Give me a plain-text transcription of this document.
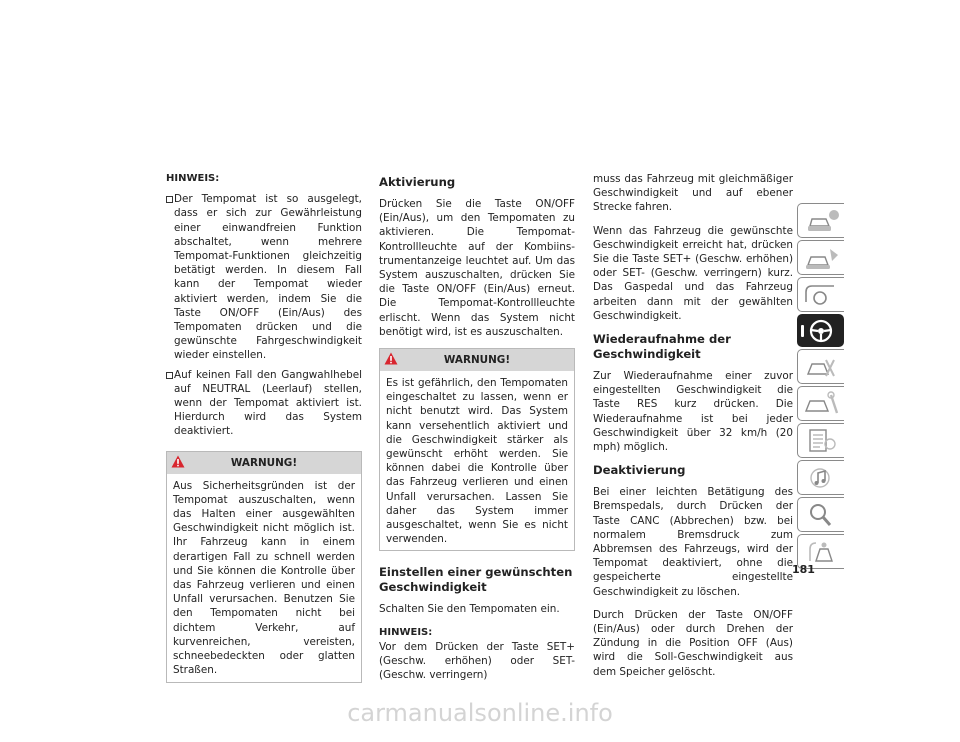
HINWEIS:
Der Tempomat ist so ausgelegt, dass er sich zur Gewährleistung einer einwandfreien Funktion abschaltet, wenn mehrere Tempomat-Funktionen gleichzeitig betätigt werden. In diesem Fall kann der Tempomat wieder aktiviert werden, indem Sie die Taste ON/OFF (Ein/Aus) des Tempomaten drücken und die gewünschte Fahrgeschwindigkeit wieder einstellen.
Auf keinen Fall den Gangwahlhebel auf NEUTRAL (Leerlauf) stellen, wenn der Tempomat aktiviert ist. Hierdurch wird das System deaktiviert.
WARNUNG!
Aus Sicherheitsgründen ist der Tempomat auszuschalten, wenn das Halten einer ausgewählten Geschwindigkeit nicht möglich ist. Ihr Fahrzeug kann in einem derartigen Fall zu schnell werden und Sie können die Kontrolle über das Fahrzeug verlieren und einen Unfall verursachen. Benutzen Sie den Tempomaten nicht bei dichtem Verkehr, auf kurvenreichen, vereisten, schneebedeckten oder glatten Straßen.
Aktivierung

Drücken Sie die Taste ON/OFF (Ein/Aus), um den Tempomaten zu aktivieren. Die Tempomat-Kontrollleuchte auf der Kombiinstrumentanzeige leuchtet auf. Um das System auszuschalten, drücken Sie die Taste ON/OFF (Ein/Aus) erneut. Die Tempomat-Kontrollleuchte erlischt. Wenn das System nicht benötigt wird, ist es auszuschalten.

WARNUNG!
Es ist gefährlich, den Tempomaten eingeschaltet zu lassen, wenn er nicht benutzt wird. Das System kann versehentlich aktiviert und die Geschwindigkeit stärker als gewünscht erhöht werden. Sie können dabei die Kontrolle über das Fahrzeug verlieren und einen Unfall verursachen. Lassen Sie daher das System immer ausgeschaltet, wenn Sie es nicht verwenden.
Einstellen einer gewünschten Geschwindigkeit

Schalten Sie den Tempomaten ein.

HINWEIS:

Vor dem Drücken der Taste SET+ (Geschw. erhöhen) oder SET- (Geschw. verringern)

muss das Fahrzeug mit gleichmäßiger Geschwindigkeit und auf ebener Strecke fahren.

Wenn das Fahrzeug die gewünschte Geschwindigkeit erreicht hat, drücken Sie die Taste SET+ (Geschw. erhöhen) oder SET- (Geschw. verringern) kurz. Das Gaspedal und das Fahrzeug arbeiten dann mit der gewählten Geschwindigkeit.

Wiederaufnahme der Geschwindigkeit

Zur Wiederaufnahme einer zuvor eingestellten Geschwindigkeit die Taste RES kurz drücken. Die Wiederaufnahme ist bei jeder Geschwindigkeit über 32 km/h (20 mph) möglich.

Deaktivierung

Bei einer leichten Betätigung des Bremspedals, durch Drücken der Taste CANC (Abbrechen) bzw. bei normalem Bremsdruck zum Abbremsen des Fahrzeugs, wird der Tempomat deaktiviert, ohne die gespeicherte eingestellte Geschwindigkeit zu löschen.

Durch Drücken der Taste ON/OFF (Ein/Aus) oder durch Drehen der Zündung in die Position OFF (Aus) wird die Soll-Geschwindigkeit aus dem Speicher gelöscht.

181
carmanualsonline.info
